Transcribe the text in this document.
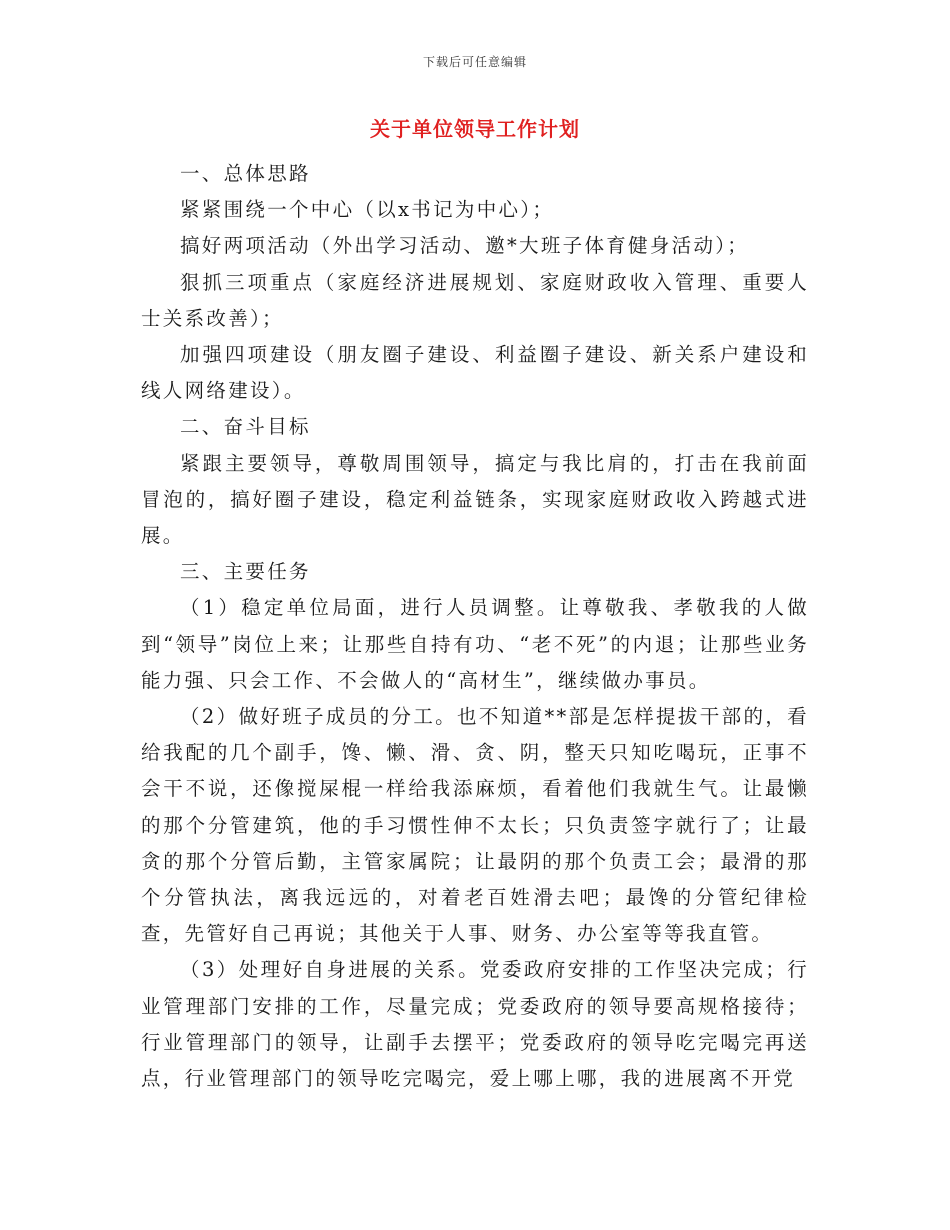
下载后可任意编辑
关于单位领导工作计划

一、总体思路

紧紧围绕一个中心（以x书记为中心）；

搞好两项活动（外出学习活动、邀*大班子体育健身活动）；

狠抓三项重点（家庭经济进展规划、家庭财政收入管理、重要人士关系改善）；

加强四项建设（朋友圈子建设、利益圈子建设、新关系户建设和线人网络建设）。

二、奋斗目标

紧跟主要领导，尊敬周围领导，搞定与我比肩的，打击在我前面冒泡的，搞好圈子建设，稳定利益链条，实现家庭财政收入跨越式进展。

三、主要任务

（1）稳定单位局面，进行人员调整。让尊敬我、孝敬我的人做到“领导”岗位上来；让那些自持有功、“老不死”的内退；让那些业务能力强、只会工作、不会做人的“高材生”，继续做办事员。

（2）做好班子成员的分工。也不知道**部是怎样提拔干部的，看给我配的几个副手，馋、懒、滑、贪、阴，整天只知吃喝玩，正事不会干不说，还像搅屎棍一样给我添麻烦，看着他们我就生气。让最懒的那个分管建筑，他的手习惯性伸不太长；只负责签字就行了；让最贪的那个分管后勤，主管家属院；让最阴的那个负责工会；最滑的那个分管执法，离我远远的，对着老百姓滑去吧；最馋的分管纪律检查，先管好自己再说；其他关于人事、财务、办公室等等我直管。

（3）处理好自身进展的关系。党委政府安排的工作坚决完成；行业管理部门安排的工作，尽量完成；党委政府的领导要高规格接待；行业管理部门的领导，让副手去摆平；党委政府的领导吃完喝完再送点，行业管理部门的领导吃完喝完，爱上哪上哪，我的进展离不开党
